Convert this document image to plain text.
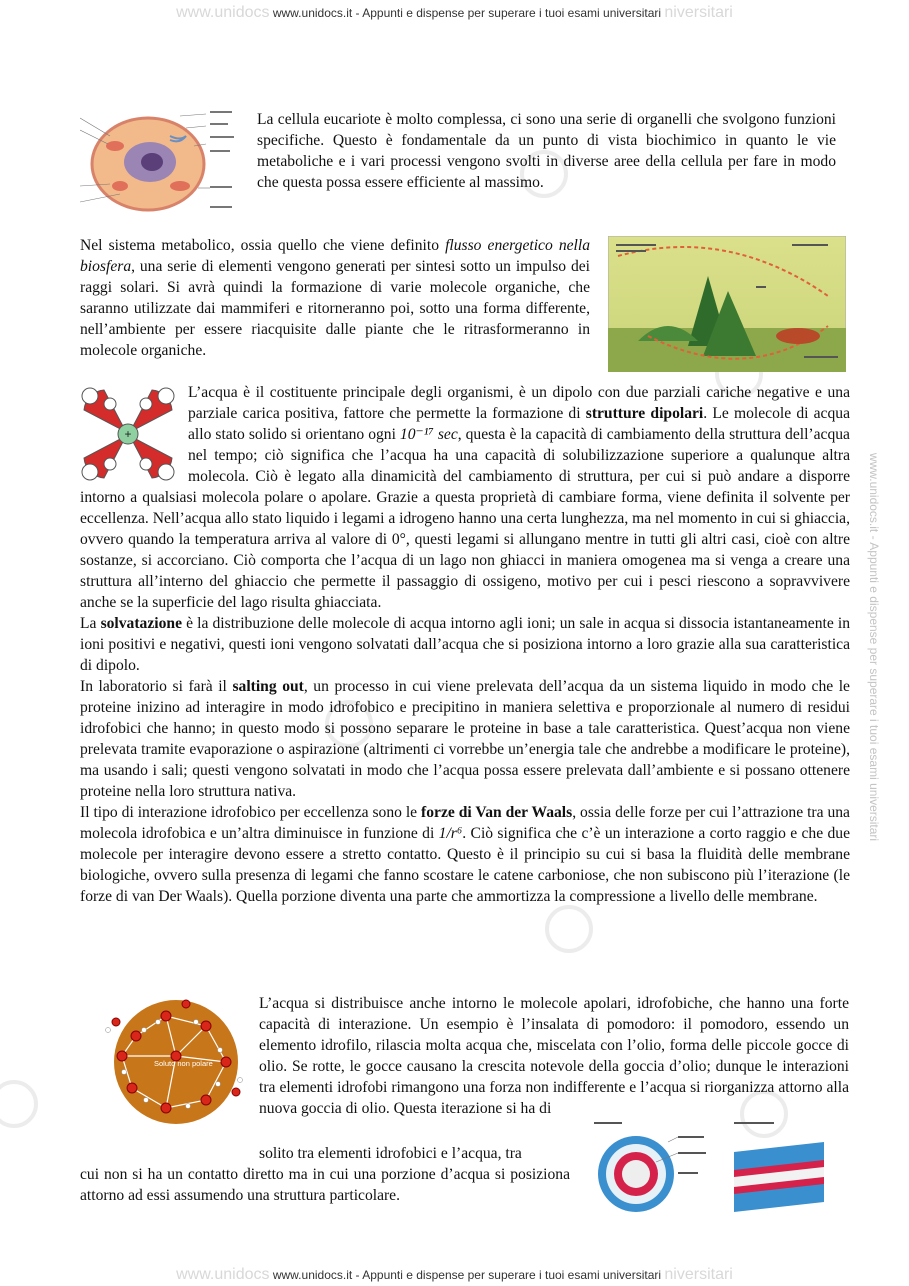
www.unidocs www.unidocs.it - Appunti e dispense per superare i tuoi esami universitari niversitari
www.unidocs www.unidocs.it - Appunti e dispense per superare i tuoi esami universitari niversitari
www.unidocs.it - Appunti e dispense per superare i tuoi esami universitari
+
Soluto non polare

La cellula eucariote è molto complessa, ci sono una serie di organelli che svolgono funzioni specifiche. Questo è fondamentale da un punto di vista biochimico in quanto le vie metaboliche e i vari processi vengono svolti in diverse aree della cellula per fare in modo che questa possa essere efficiente al massimo.

Nel sistema metabolico, ossia quello che viene definito flusso energetico nella biosfera, una serie di elementi vengono generati per sintesi sotto un impulso dei raggi solari. Si avrà quindi la formazione di varie molecole organiche, che saranno utilizzate dai mammiferi e ritorneranno poi, sotto una forma differente, nell’ambiente per essere riacquisite dalle piante che le ritrasformeranno in molecole organiche.

L’acqua è il costituente principale degli organismi, è un dipolo con due parziali cariche negative e una parziale carica positiva, fattore che permette la formazione di strutture dipolari. Le molecole di acqua allo stato solido si orientano ogni 10⁻¹⁷ sec, questa è la capacità di cambiamento della struttura dell’acqua nel tempo; ciò significa che l’acqua ha una capacità di solubilizzazione superiore a qualunque altra molecola. Ciò è legato alla dinamicità del cambiamento di struttura, per cui si può andare a disporre intorno a qualsiasi molecola polare o apolare. Grazie a questa proprietà di cambiare forma, viene definita il solvente per eccellenza. Nell’acqua allo stato liquido i legami a idrogeno hanno una certa lunghezza, ma nel momento in cui si ghiaccia, ovvero quando la temperatura arriva al valore di 0°, questi legami si allungano mentre in tutti gli altri casi, cioè con altre sostanze, si accorciano. Ciò comporta che l’acqua di un lago non ghiacci in maniera omogenea ma si venga a creare una struttura all’interno del ghiaccio che permette il passaggio di ossigeno, motivo per cui i pesci riescono a sopravvivere anche se la superficie del lago risulta ghiacciata.
La solvatazione è la distribuzione delle molecole di acqua intorno agli ioni; un sale in acqua si dissocia istantaneamente in ioni positivi e negativi, questi ioni vengono solvatati dall’acqua che si posiziona intorno a loro grazie alla sua caratteristica di dipolo.
In laboratorio si farà il salting out, un processo in cui viene prelevata dell’acqua da un sistema liquido in modo che le proteine inizino ad interagire in modo idrofobico e precipitino in maniera selettiva e proporzionale al numero di residui idrofobici che hanno; in questo modo si possono separare le proteine in base a tale caratteristica. Quest’acqua non viene prelevata tramite evaporazione o aspirazione (altrimenti ci vorrebbe un’energia tale che andrebbe a modificare le proteine), ma usando i sali; questi vengono solvatati in modo che l’acqua possa essere prelevata dall’ambiente e si possano ottenere proteine nella loro struttura nativa.
Il tipo di interazione idrofobico per eccellenza sono le forze di Van der Waals, ossia delle forze per cui l’attrazione tra una molecola idrofobica e un’altra diminuisce in funzione di 1/r⁶. Ciò significa che c’è un interazione a corto raggio e che due molecole per interagire devono essere a stretto contatto. Questo è il principio su cui si basa la fluidità delle membrane biologiche, ovvero sulla presenza di legami che fanno scostare le catene carboniose, che non subiscono più l’iterazione (le forze di van Der Waals). Quella porzione diventa una parte che ammortizza la compressione a livello delle membrane.

L’acqua si distribuisce anche intorno le molecole apolari, idrofobiche, che hanno una forte capacità di interazione. Un esempio è l’insalata di pomodoro: il pomodoro, essendo un elemento idrofilo, rilascia molta acqua che, miscelata con l’olio, forma delle piccole gocce di olio. Se rotte, le gocce causano la crescita notevole della goccia d’olio; dunque le interazioni tra elementi idrofobi rimangono una forza non indifferente e l’acqua si riorganizza attorno alla nuova goccia di olio. Questa iterazione si ha di

solito tra elementi idrofobici e l’acqua, tra

cui non si ha un contatto diretto ma in cui una porzione d’acqua si posiziona attorno ad essi assumendo una struttura particolare.
